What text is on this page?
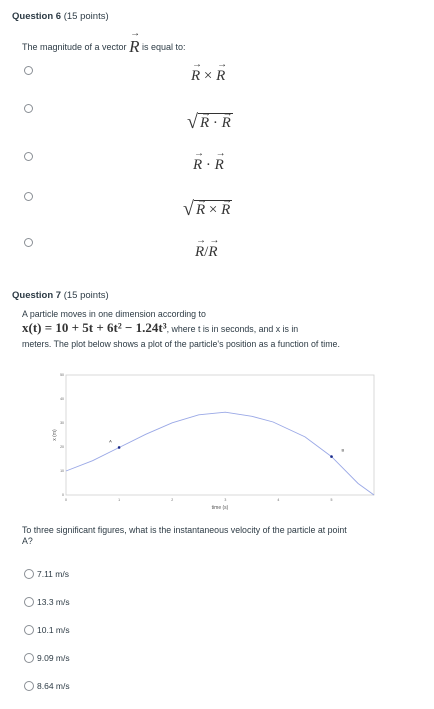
Question 6 (15 points)
The magnitude of a vector → R is equal to:
→ R × → R
√ → R · → R
→ R · → R
√ → R × → R
→ R/→ R
Question 7 (15 points)
A particle moves in one dimension according to
x(t) = 10 + 5t + 6t² − 1.24t³, where t is in seconds, and x is in
meters. The plot below shows a plot of the particle's position as a function of time.
0	1	2	3	4	5
0
10
20
30
40
50
A
B
time (s)
x (m)
To three significant figures, what is the instantaneous velocity of the particle at point
A?
7.11 m/s
13.3 m/s
10.1 m/s
9.09 m/s
8.64 m/s
